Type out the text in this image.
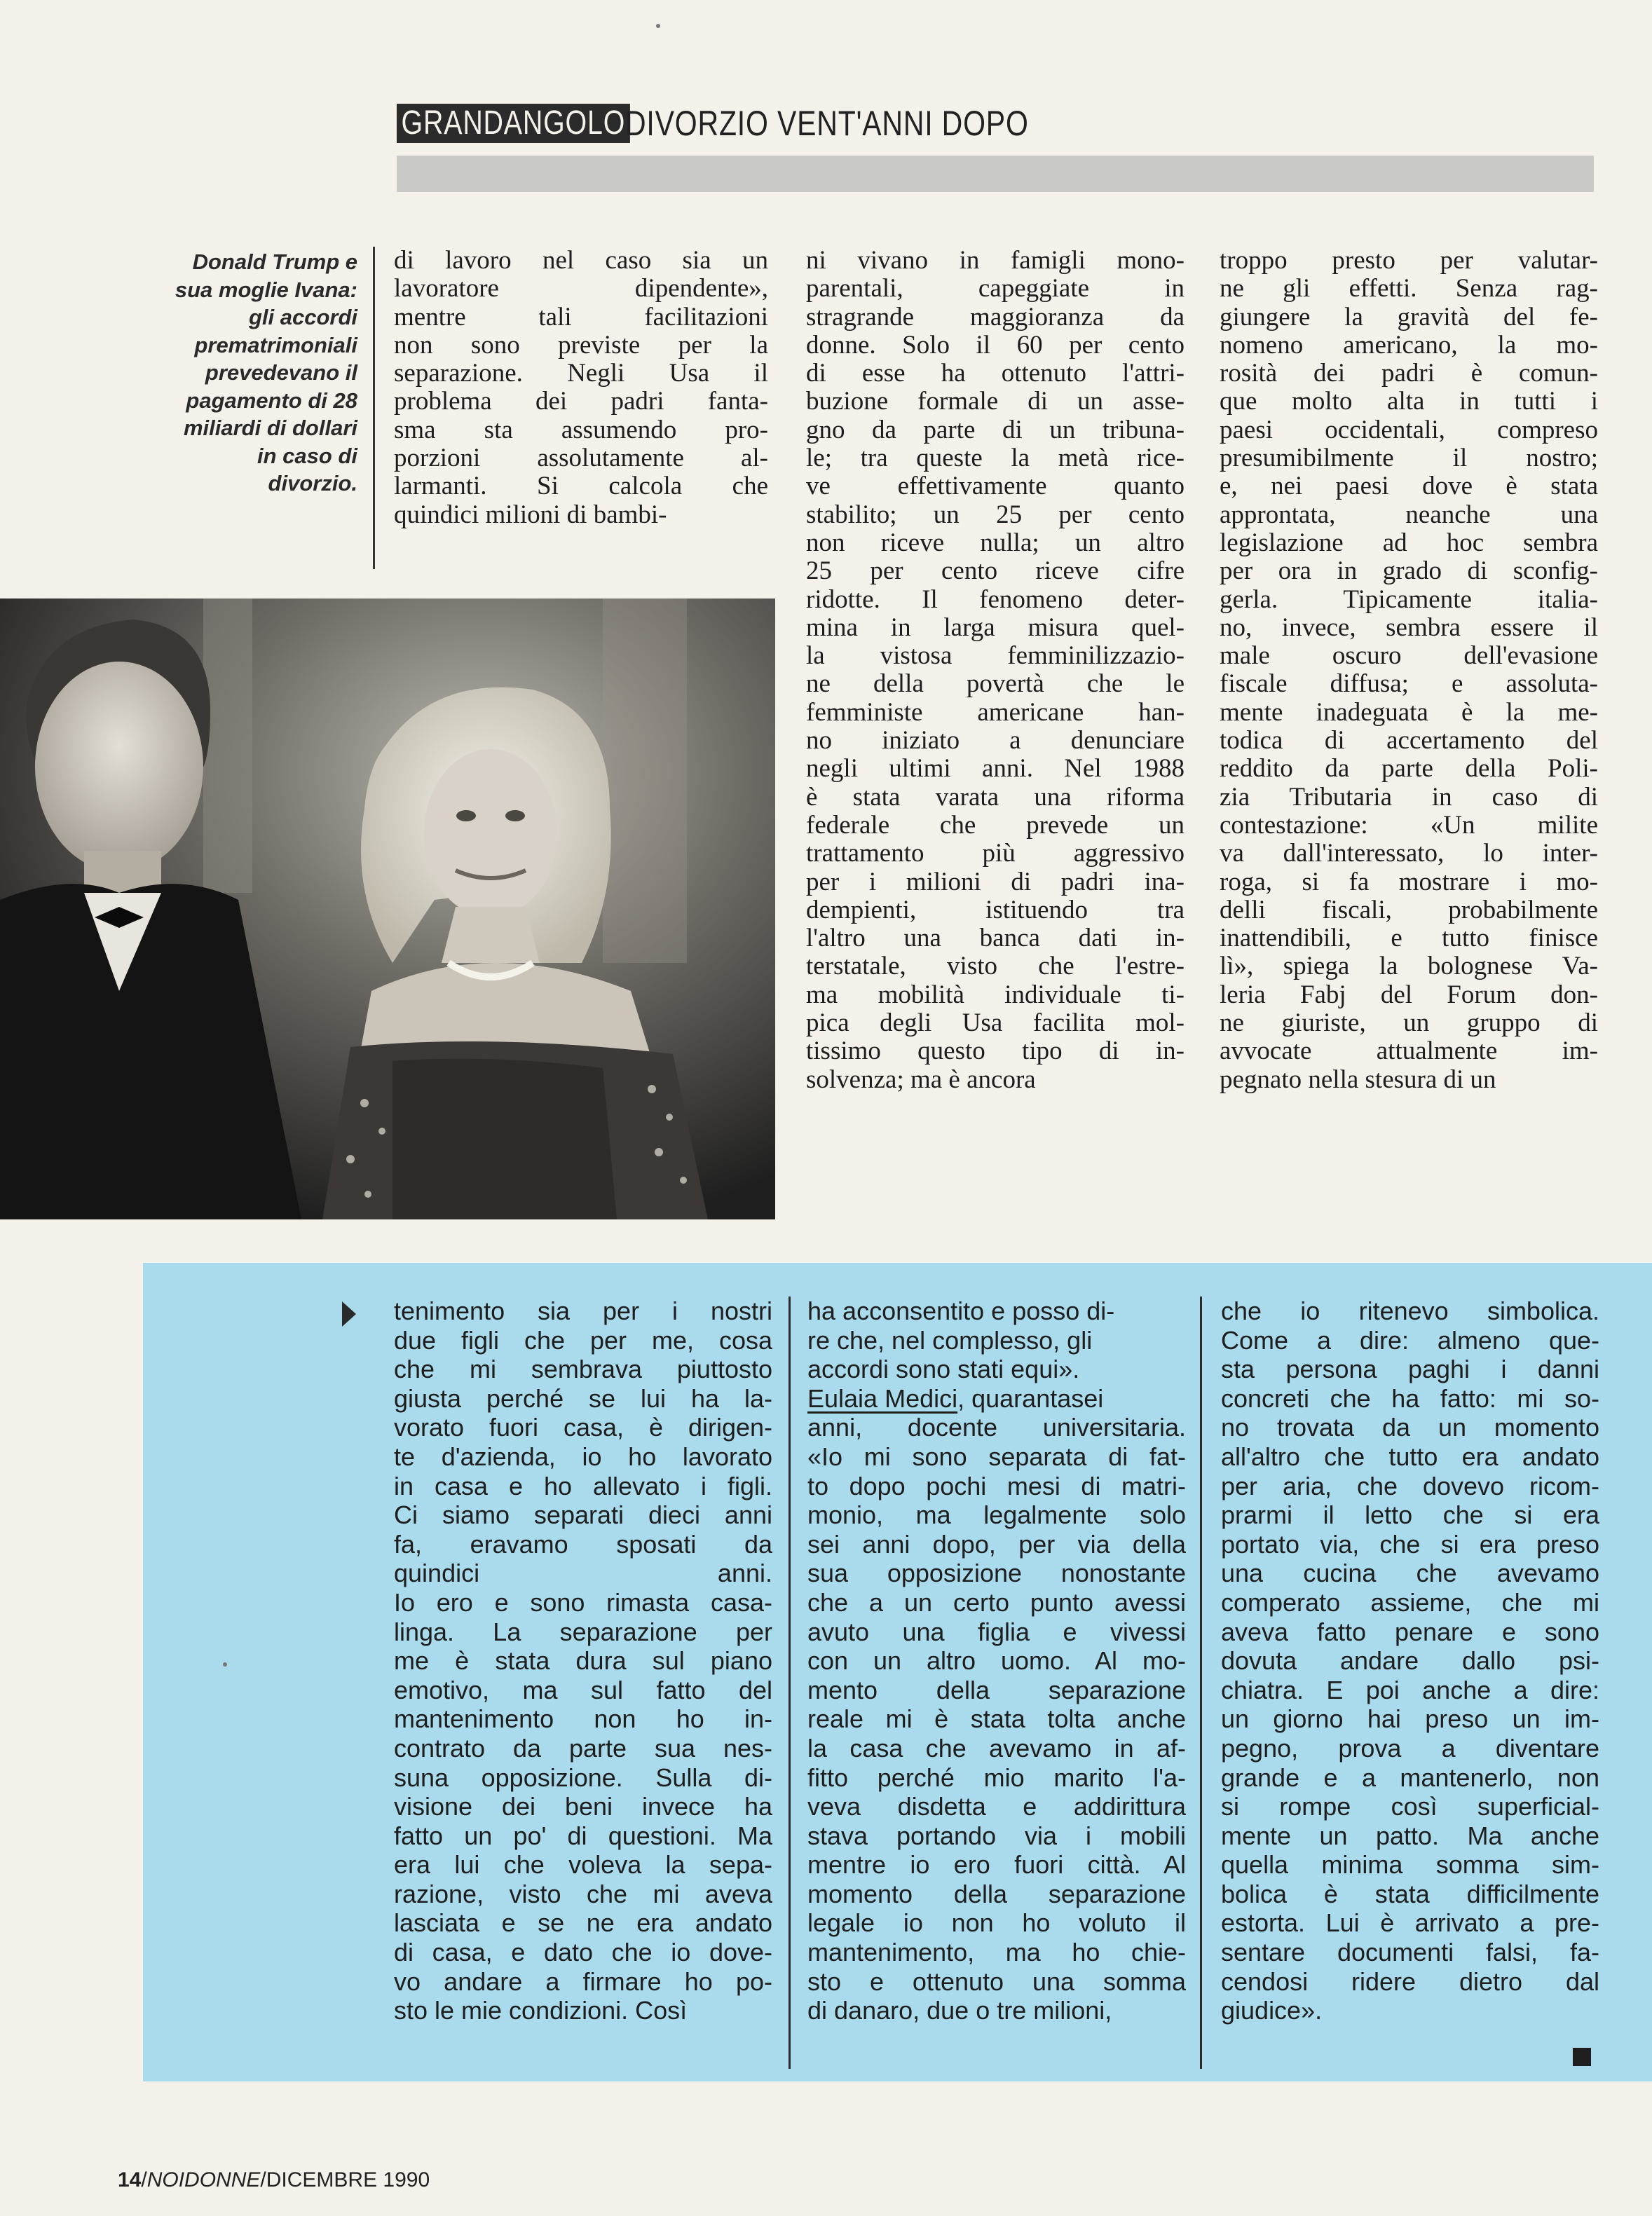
GRANDANGOLO DIVORZIO VENT'ANNI DOPO
Donald Trump e
sua moglie Ivana:
gli accordi
prematrimoniali
prevedevano il
pagamento di 28
miliardi di dollari
in caso di
divorzio.
di lavoro nel caso sia un
lavoratore dipendente»,
mentre tali facilitazioni
non sono previste per la
separazione. Negli Usa il
problema dei padri fanta-
sma sta assumendo pro-
porzioni assolutamente al-
larmanti. Si calcola che
quindici milioni di bambi-
ni vivano in famigli mono-
parentali, capeggiate in
stragrande maggioranza da
donne. Solo il 60 per cento
di esse ha ottenuto l'attri-
buzione formale di un asse-
gno da parte di un tribuna-
le; tra queste la metà rice-
ve effettivamente quanto
stabilito; un 25 per cento
non riceve nulla; un altro
25 per cento riceve cifre
ridotte. Il fenomeno deter-
mina in larga misura quel-
la vistosa femminilizzazio-
ne della povertà che le
femministe americane han-
no iniziato a denunciare
negli ultimi anni. Nel 1988
è stata varata una riforma
federale che prevede un
trattamento più aggressivo
per i milioni di padri ina-
dempienti, istituendo tra
l'altro una banca dati in-
terstatale, visto che l'estre-
ma mobilità individuale ti-
pica degli Usa facilita mol-
tissimo questo tipo di in-
solvenza; ma è ancora
troppo presto per valutar-
ne gli effetti. Senza rag-
giungere la gravità del fe-
nomeno americano, la mo-
rosità dei padri è comun-
que molto alta in tutti i
paesi occidentali, compreso
presumibilmente il nostro;
e, nei paesi dove è stata
approntata, neanche una
legislazione ad hoc sembra
per ora in grado di sconfig-
gerla. Tipicamente italia-
no, invece, sembra essere il
male oscuro dell'evasione
fiscale diffusa; e assoluta-
mente inadeguata è la me-
todica di accertamento del
reddito da parte della Poli-
zia Tributaria in caso di
contestazione: «Un milite
va dall'interessato, lo inter-
roga, si fa mostrare i mo-
delli fiscali, probabilmente
inattendibili, e tutto finisce
lì», spiega la bolognese Va-
leria Fabj del Forum don-
ne giuriste, un gruppo di
avvocate attualmente im-
pegnato nella stesura di un
tenimento sia per i nostri
due figli che per me, cosa
che mi sembrava piuttosto
giusta perché se lui ha la-
vorato fuori casa, è dirigen-
te d'azienda, io ho lavorato
in casa e ho allevato i figli.
Ci siamo separati dieci anni
fa, eravamo sposati da
quindici anni.
Io ero e sono rimasta casa-
linga. La separazione per
me è stata dura sul piano
emotivo, ma sul fatto del
mantenimento non ho in-
contrato da parte sua nes-
suna opposizione. Sulla di-
visione dei beni invece ha
fatto un po' di questioni. Ma
era lui che voleva la sepa-
razione, visto che mi aveva
lasciata e se ne era andato
di casa, e dato che io dove-
vo andare a firmare ho po-
sto le mie condizioni. Così
ha acconsentito e posso di-
re che, nel complesso, gli
accordi sono stati equi».
Eulaia Medici, quarantasei
anni, docente universitaria.
«Io mi sono separata di fat-
to dopo pochi mesi di matri-
monio, ma legalmente solo
sei anni dopo, per via della
sua opposizione nonostante
che a un certo punto avessi
avuto una figlia e vivessi
con un altro uomo. Al mo-
mento della separazione
reale mi è stata tolta anche
la casa che avevamo in af-
fitto perché mio marito l'a-
veva disdetta e addirittura
stava portando via i mobili
mentre io ero fuori città. Al
momento della separazione
legale io non ho voluto il
mantenimento, ma ho chie-
sto e ottenuto una somma
di danaro, due o tre milioni,
che io ritenevo simbolica.
Come a dire: almeno que-
sta persona paghi i danni
concreti che ha fatto: mi so-
no trovata da un momento
all'altro che tutto era andato
per aria, che dovevo ricom-
prarmi il letto che si era
portato via, che si era preso
una cucina che avevamo
comperato assieme, che mi
aveva fatto penare e sono
dovuta andare dallo psi-
chiatra. E poi anche a dire:
un giorno hai preso un im-
pegno, prova a diventare
grande e a mantenerlo, non
si rompe così superficial-
mente un patto. Ma anche
quella minima somma sim-
bolica è stata difficilmente
estorta. Lui è arrivato a pre-
sentare documenti falsi, fa-
cendosi ridere dietro dal
giudice».
14/NOIDONNE/DICEMBRE 1990
